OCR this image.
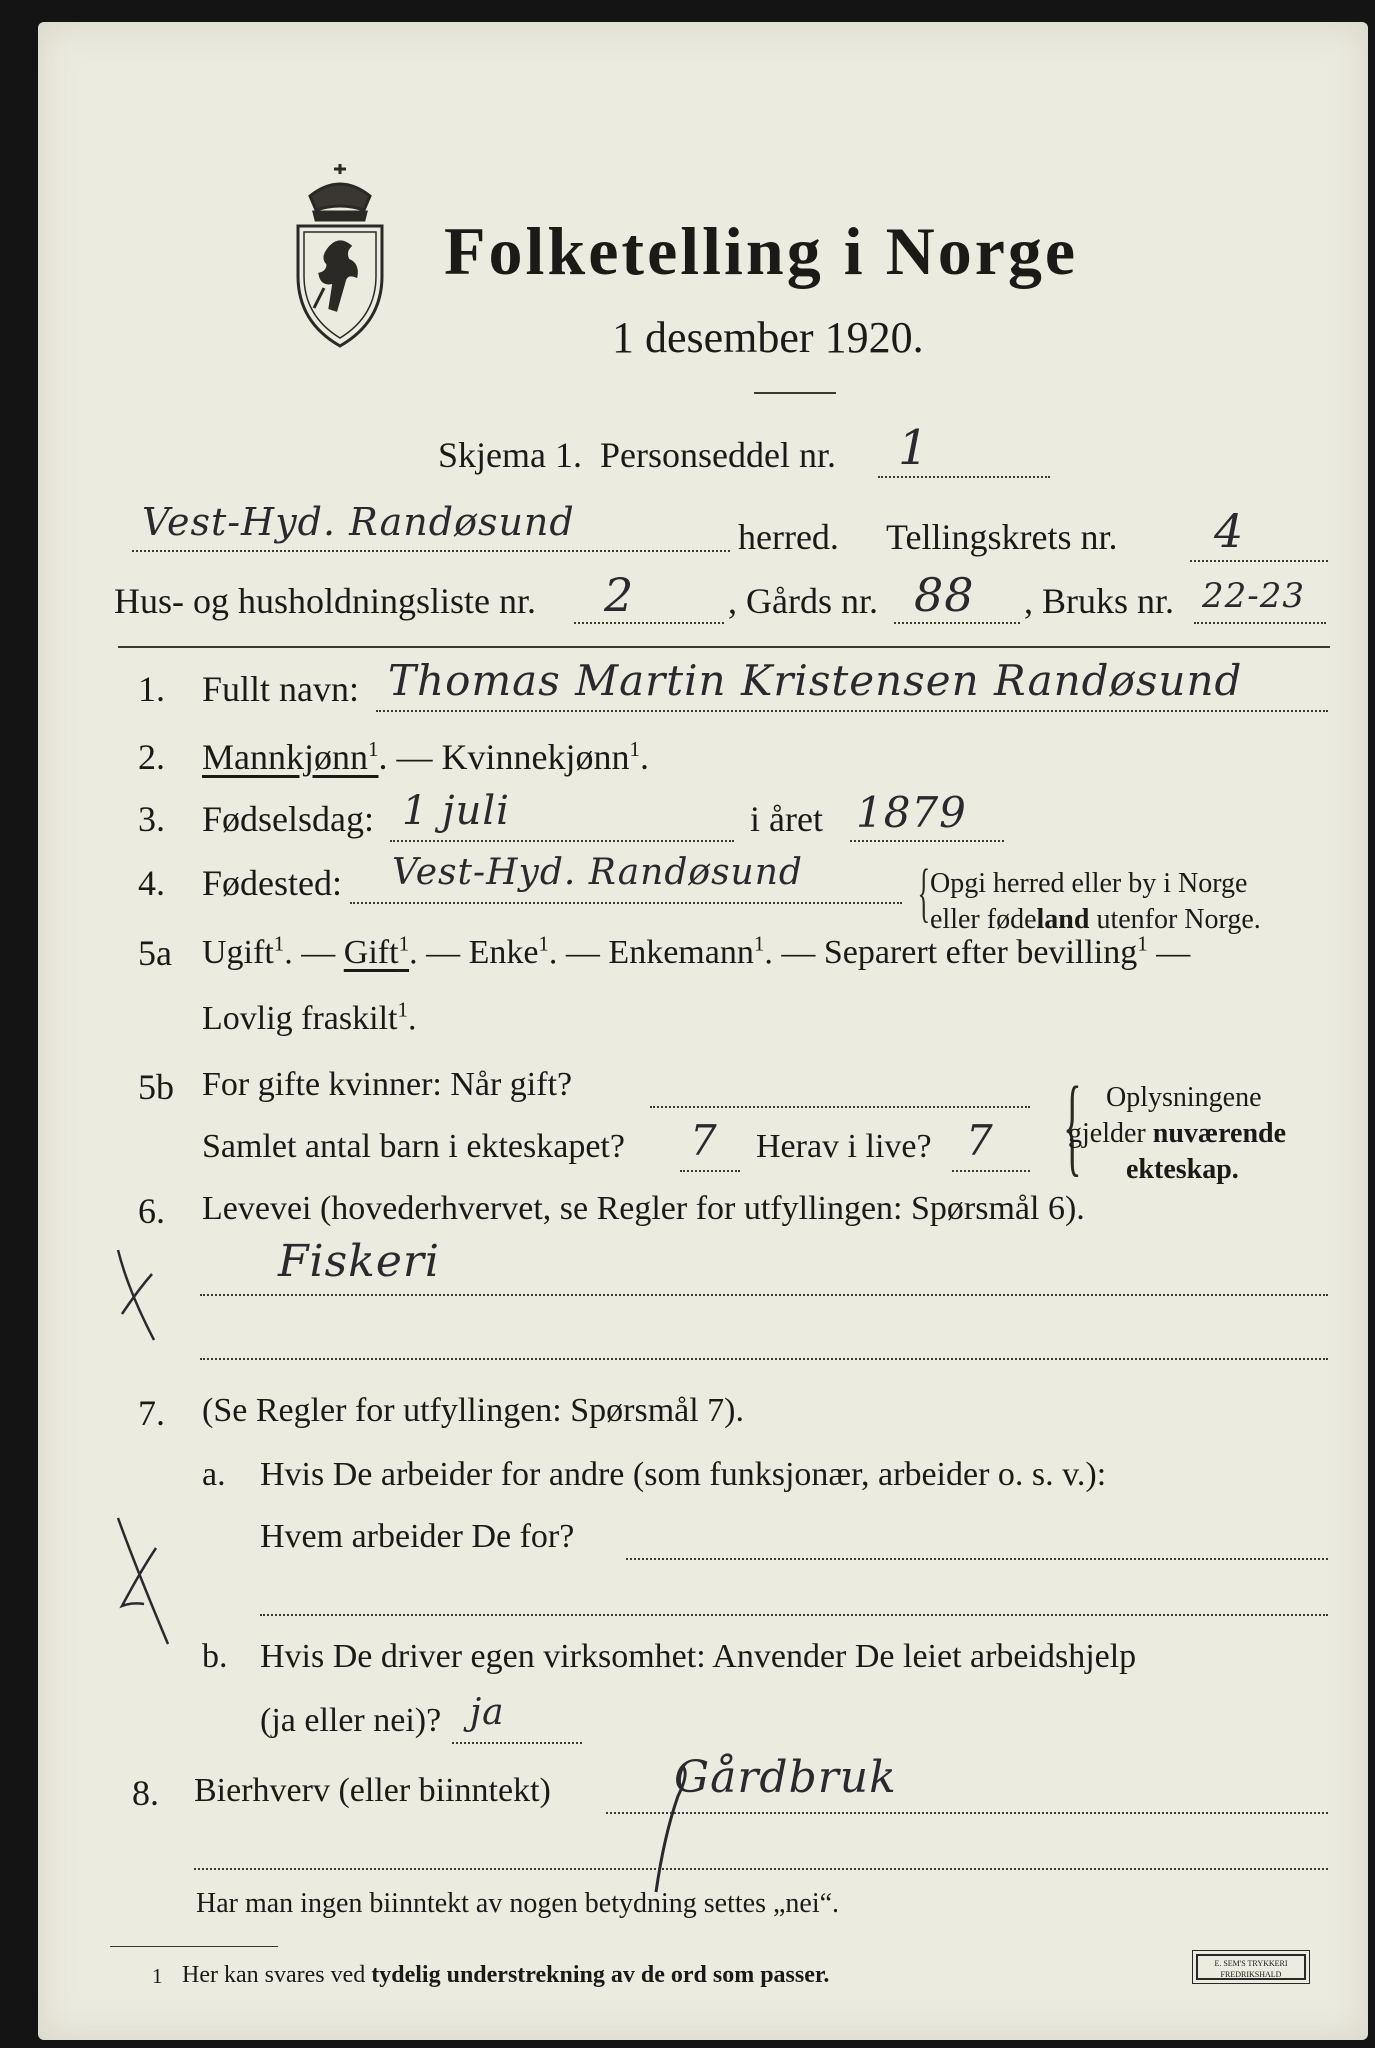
Folketelling i Norge
1 desember 1920.
Skjema 1. Personseddel nr. 1
Vest-Hyd. Randøsund	herred. Tellingskrets nr. 4
Hus- og husholdningsliste nr. 2	, Gårds nr. 88 , Bruks nr. 22-23
1. Fullt navn: Thomas Martin Kristensen Randøsund
2. Mannkjønn$^1$. — Kvinnekjønn$^1$.
3. Fødselsdag: 1 juli	i året 1879
4. Fødested: Vest-Hyd. Randøsund { Opgi herred eller by i Norge
eller fødeland utenfor Norge.
5a Ugift$^1$. — Gift$^1$. — Enke$^1$. — Enkemann$^1$. — Separert efter bevilling$^1$ —
Lovlig fraskilt$^1$.
5b For gifte kvinner: Når gift?
Samlet antal barn i ekteskapet? 7 Herav i live? 7 { Oplysningene
gjelder nuværende
ekteskap.
6. Levevei (hovederhvervet, se Regler for utfyllingen: Spørsmål 6).
Fiskeri
7. (Se Regler for utfyllingen: Spørsmål 7).
a. Hvis De arbeider for andre (som funksjonær, arbeider o. s. v.):
Hvem arbeider De for?
b. Hvis De driver egen virksomhet: Anvender De leiet arbeidshjelp
(ja eller nei)? ja
8. Bierhverv (eller biinntekt)	Gårdbruk
Har man ingen biinntekt av nogen betydning settes „nei“.
1 Her kan svares ved tydelig understrekning av de ord som passer.	E. SEM'S TRYKKERI
FREDRIKSHALD
